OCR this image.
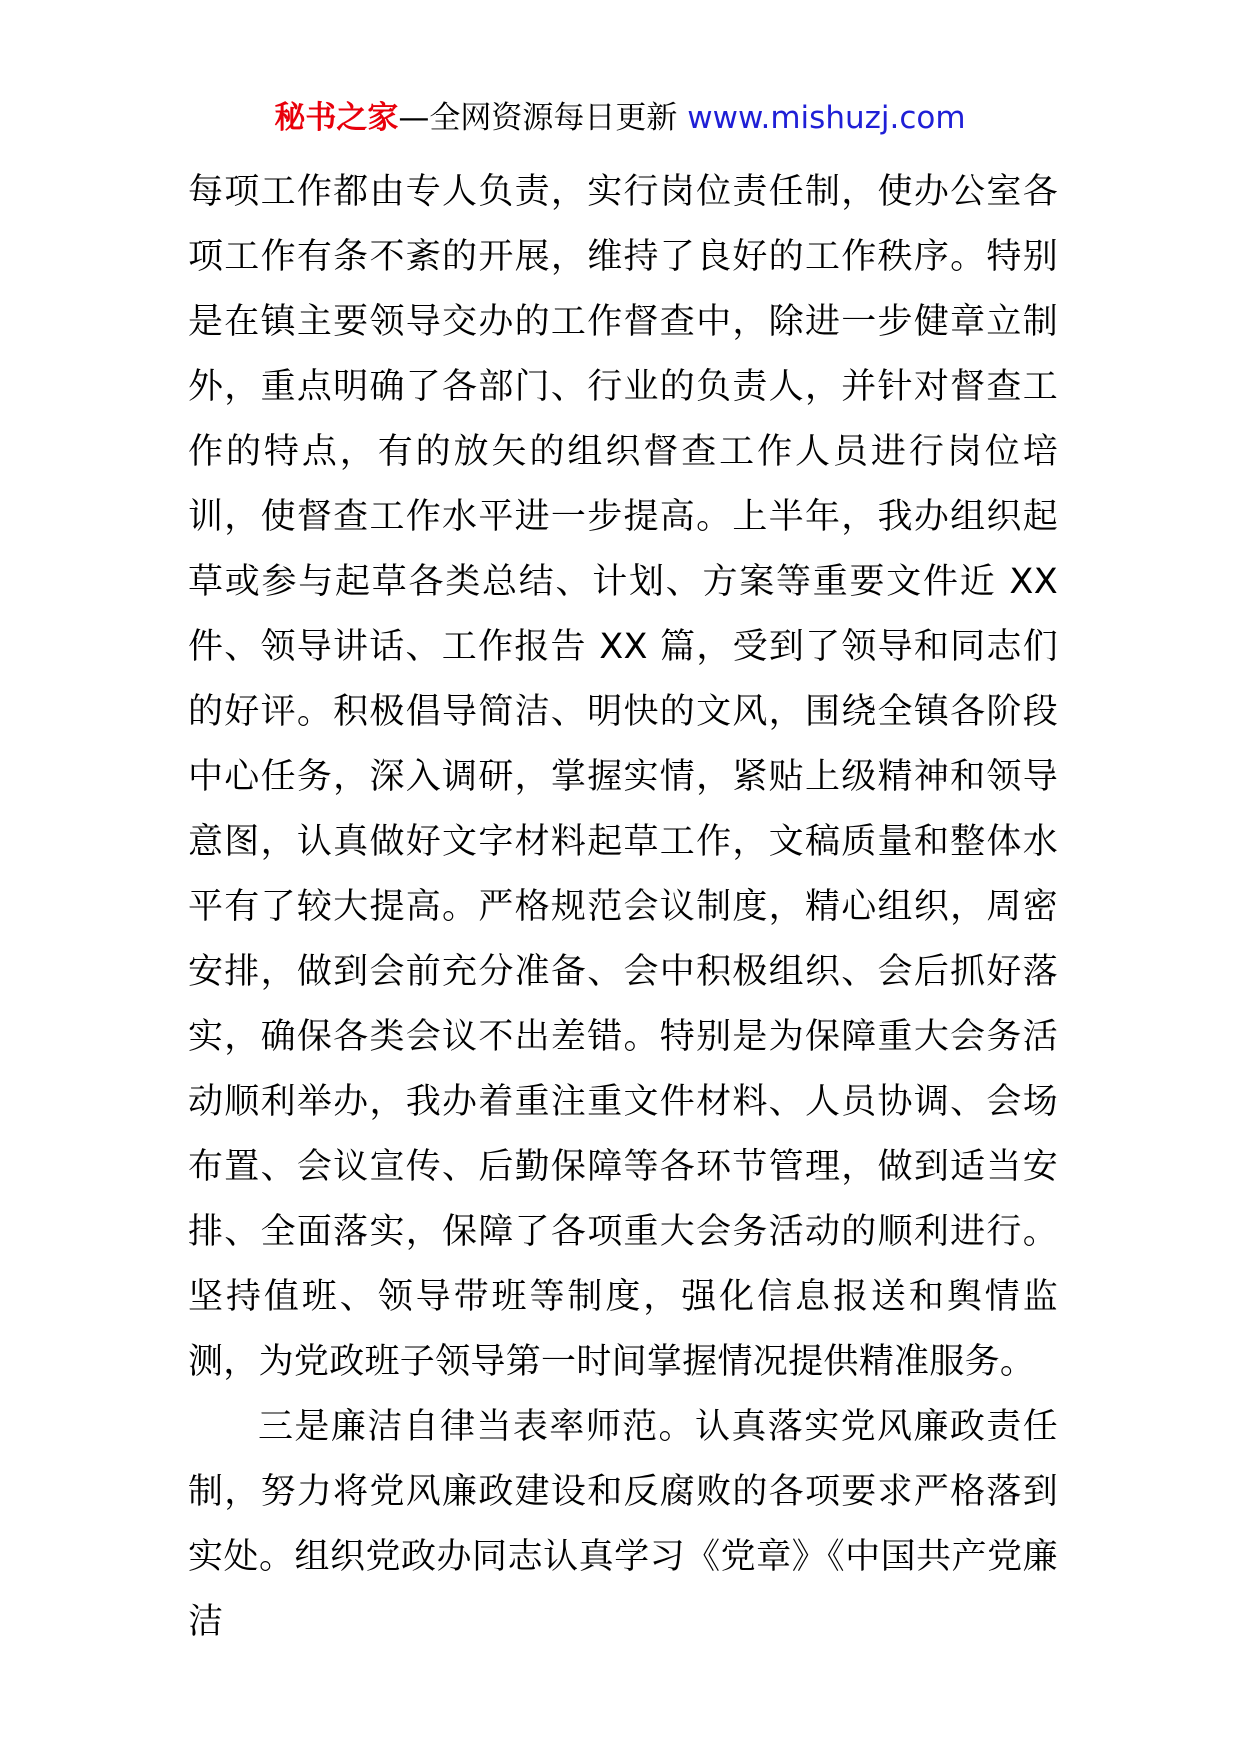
秘书之家—全网资源每日更新 www.mishuzj.com

每项工作都由专人负责，实行岗位责任制，使办公室各项工作有条不紊的开展，维持了良好的工作秩序。特别是在镇主要领导交办的工作督查中，除进一步健章立制外，重点明确了各部门、行业的负责人，并针对督查工作的特点，有的放矢的组织督查工作人员进行岗位培训，使督查工作水平进一步提高。上半年，我办组织起草或参与起草各类总结、计划、方案等重要文件近 XX 件、领导讲话、工作报告 XX 篇，受到了领导和同志们的好评。积极倡导简洁、明快的文风，围绕全镇各阶段中心任务，深入调研，掌握实情，紧贴上级精神和领导意图，认真做好文字材料起草工作，文稿质量和整体水平有了较大提高。严格规范会议制度，精心组织，周密安排，做到会前充分准备、会中积极组织、会后抓好落实，确保各类会议不出差错。特别是为保障重大会务活动顺利举办，我办着重注重文件材料、人员协调、会场布置、会议宣传、后勤保障等各环节管理，做到适当安排、全面落实，保障了各项重大会务活动的顺利进行。坚持值班、领导带班等制度，强化信息报送和舆情监测，为党政班子领导第一时间掌握情况提供精准服务。

三是廉洁自律当表率师范。认真落实党风廉政责任制，努力将党风廉政建设和反腐败的各项要求严格落到实处。组织党政办同志认真学习《党章》《中国共产党廉洁
